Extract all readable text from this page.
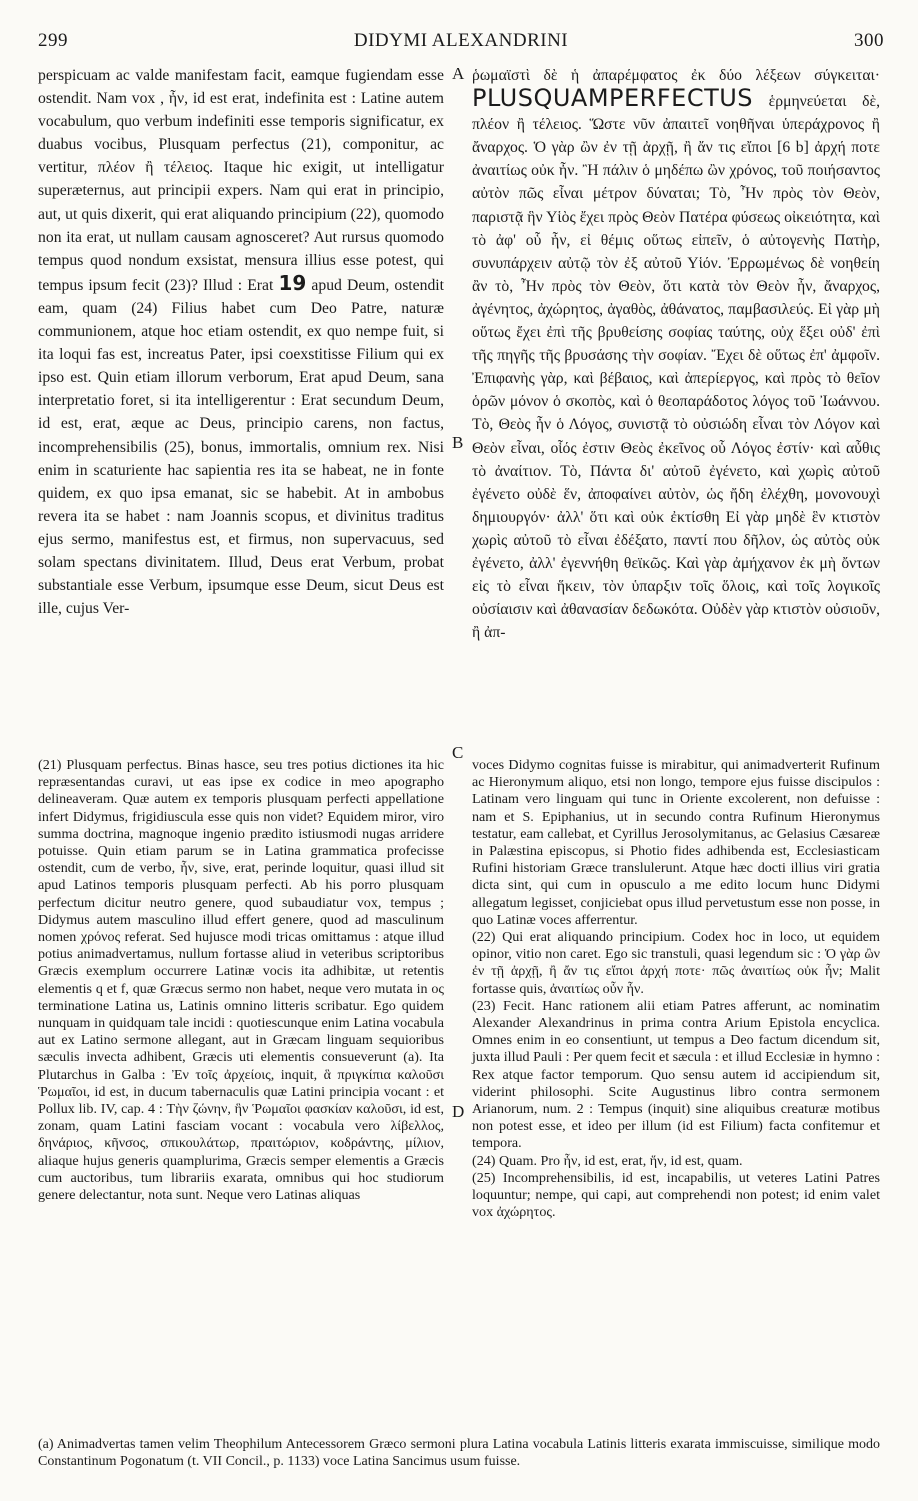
299	DIDYMI ALEXANDRINI	300
A
B
C
D

perspicuam ac valde manifestam facit, eamque fugiendam esse ostendit. Nam vox , ἦν, id est erat, indefinita est : Latine autem vocabulum, quo verbum indefiniti esse temporis significatur, ex duabus vocibus, Plusquam perfectus (21), componitur, ac vertitur, πλέον ἢ τέλειος. Itaque hic exigit, ut intelligatur superæternus, aut principii expers. Nam qui erat in principio, aut, ut quis dixerit, qui erat aliquando principium (22), quomodo non ita erat, ut nullam causam agnosceret? Aut rursus quomodo tempus quod nondum exsistat, mensura illius esse potest, qui tempus ipsum fecit (23)? Illud : Erat 19 apud Deum, ostendit eam, quam (24) Filius habet cum Deo Patre, naturæ communionem, atque hoc etiam ostendit, ex quo nempe fuit, si ita loqui fas est, increatus Pater, ipsi coexstitisse Filium qui ex ipso est. Quin etiam illorum verborum, Erat apud Deum, sana interpretatio foret, si ita intelligerentur : Erat secundum Deum, id est, erat, æque ac Deus, principio carens, non factus, incomprehensibilis (25), bonus, immortalis, omnium rex. Nisi enim in scaturiente hac sapientia res ita se habeat, ne in fonte quidem, ex quo ipsa emanat, sic se habebit. At in ambobus revera ita se habet : nam Joannis scopus, et divinitus traditus ejus sermo, manifestus est, et firmus, non supervacuus, sed solam spectans divinitatem. Illud, Deus erat Verbum, probat substantiale esse Verbum, ipsumque esse Deum, sicut Deus est ille, cujus Ver-

ῥωμαϊστὶ δὲ ἡ ἀπαρέμφατος ἐκ δύο λέξεων σύγκειται· PLUSQUAMPERFECTUS ἑρμηνεύεται δὲ, πλέον ἢ τέλειος. Ὥστε νῦν ἀπαιτεῖ νοηθῆναι ὑπεράχρονος ἢ ἄναρχος. Ὁ γὰρ ὢν ἐν τῇ ἀρχῇ, ἢ ἄν τις εἴποι [6 b] ἀρχή ποτε ἀναιτίως οὐκ ἦν. Ἢ πάλιν ὁ μηδέπω ὢν χρόνος, τοῦ ποιήσαντος αὐτὸν πῶς εἶναι μέτρον δύναται; Τὸ, Ἦν πρὸς τὸν Θεὸν, παριστᾷ ἣν Υἱὸς ἔχει πρὸς Θεὸν Πατέρα φύσεως οἰκειότητα, καὶ τὸ ἀφ' οὗ ἦν, εἰ θέμις οὕτως εἰπεῖν, ὁ αὐτογενὴς Πατὴρ, συνυπάρχειν αὐτῷ τὸν ἐξ αὐτοῦ Υἱόν. Ἐρρωμένως δὲ νοηθείη ἂν τὸ, Ἦν πρὸς τὸν Θεὸν, ὅτι κατὰ τὸν Θεὸν ἦν, ἄναρχος, ἀγένητος, ἀχώρητος, ἀγαθὸς, ἀθάνατος, παμβασιλεύς. Εἰ γὰρ μὴ οὕτως ἔχει ἐπὶ τῆς βρυθείσης σοφίας ταύτης, οὐχ ἕξει οὐδ' ἐπὶ τῆς πηγῆς τῆς βρυσάσης τὴν σοφίαν. Ἔχει δὲ οὕτως ἐπ' ἀμφοῖν. Ἐπιφανὴς γὰρ, καὶ βέβαιος, καὶ ἀπερίεργος, καὶ πρὸς τὸ θεῖον ὁρῶν μόνον ὁ σκοπὸς, καὶ ὁ θεοπαράδοτος λόγος τοῦ Ἰωάννου. Τὸ, Θεὸς ἦν ὁ Λόγος, συνιστᾷ τὸ οὐσιώδη εἶναι τὸν Λόγον καὶ Θεὸν εἶναι, οἷός ἐστιν Θεὸς ἐκεῖνος οὗ Λόγος ἐστίν· καὶ αὖθις τὸ ἀναίτιον. Τὸ, Πάντα δι' αὐτοῦ ἐγένετο, καὶ χωρὶς αὐτοῦ ἐγένετο οὐδὲ ἕν, ἀποφαίνει αὐτὸν, ὡς ἤδη ἐλέχθη, μονονουχὶ δημιουργόν· ἀλλ' ὅτι καὶ οὐκ ἐκτίσθη Εἰ γὰρ μηδὲ ἓν κτιστὸν χωρὶς αὐτοῦ τὸ εἶναι ἐδέξατο, παντί που δῆλον, ὡς αὐτὸς οὐκ ἐγένετο, ἀλλ' ἐγεννήθη θεϊκῶς. Καὶ γὰρ ἀμήχανον ἐκ μὴ ὄντων εἰς τὸ εἶναι ἥκειν, τὸν ὑπαρξιν τοῖς ὅλοις, καὶ τοῖς λογικοῖς οὐσίαισιν καὶ ἀθανασίαν δεδωκότα. Οὐδὲν γὰρ κτιστὸν οὐσιοῦν, ἢ ἀπ-

(21) Plusquam perfectus. Binas hasce, seu tres potius dictiones ita hic repræsentandas curavi, ut eas ipse ex codice in meo apographo delineaveram. Quæ autem ex temporis plusquam perfecti appellatione infert Didymus, frigidiuscula esse quis non videt? Equidem miror, viro summa doctrina, magnoque ingenio prædito istiusmodi nugas arridere potuisse. Quin etiam parum se in Latina grammatica profecisse ostendit, cum de verbo, ἦν, sive, erat, perinde loquitur, quasi illud sit apud Latinos temporis plusquam perfecti. Ab his porro plusquam perfectum dicitur neutro genere, quod subaudiatur vox, tempus ; Didymus autem masculino illud effert genere, quod ad masculinum nomen χρόνος referat. Sed hujusce modi tricas omittamus : atque illud potius animadvertamus, nullum fortasse aliud in veteribus scriptoribus Græcis exemplum occurrere Latinæ vocis ita adhibitæ, ut retentis elementis q et f, quæ Græcus sermo non habet, neque vero mutata in ος terminatione Latina us, Latinis omnino litteris scribatur. Ego quidem nunquam in quidquam tale incidi : quotiescunque enim Latina vocabula aut ex Latino sermone allegant, aut in Græcam linguam sequioribus sæculis invecta adhibent, Græcis uti elementis consueverunt (a). Ita Plutarchus in Galba : Ἐν τοῖς ἀρχείοις, inquit, ἃ πριγκίπια καλοῦσι Ῥωμαῖοι, id est, in ducum tabernaculis quæ Latini principia vocant : et Pollux lib. IV, cap. 4 : Τὴν ζώνην, ἣν Ῥωμαῖοι φασκίαν καλοῦσι, id est, zonam, quam Latini fasciam vocant : vocabula vero λίβελλος, δηνάριος, κῆνσος, σπικουλάτωρ, πραιτώριον, κοδράντης, μίλιον, aliaque hujus generis quamplurima, Græcis semper elementis a Græcis cum auctoribus, tum librariis exarata, omnibus qui hoc studiorum genere delectantur, nota sunt. Neque vero Latinas aliquas

voces Didymo cognitas fuisse is mirabitur, qui animadverterit Rufinum ac Hieronymum aliquo, etsi non longo, tempore ejus fuisse discipulos : Latinam vero linguam qui tunc in Oriente excolerent, non defuisse : nam et S. Epiphanius, ut in secundo contra Rufinum Hieronymus testatur, eam callebat, et Cyrillus Jerosolymitanus, ac Gelasius Cæsareæ in Palæstina episcopus, si Photio fides adhibenda est, Ecclesiasticam Rufini historiam Græce translulerunt. Atque hæc docti illius viri gratia dicta sint, qui cum in opusculo a me edito locum hunc Didymi allegatum legisset, conjiciebat opus illud pervetustum esse non posse, in quo Latinæ voces afferrentur.

(22) Qui erat aliquando principium. Codex hoc in loco, ut equidem opinor, vitio non caret. Ego sic transtuli, quasi legendum sic : Ὁ γὰρ ὢν ἐν τῇ ἀρχῇ, ἢ ἄν τις εἴποι ἀρχή ποτε· πῶς ἀναιτίως οὐκ ἦν; Malit fortasse quis, ἀναιτίως οὖν ἦν.

(23) Fecit. Hanc rationem alii etiam Patres afferunt, ac nominatim Alexander Alexandrinus in prima contra Arium Epistola encyclica. Omnes enim in eo consentiunt, ut tempus a Deo factum dicendum sit, juxta illud Pauli : Per quem fecit et sæcula : et illud Ecclesiæ in hymno : Rex atque factor temporum. Quo sensu autem id accipiendum sit, viderint philosophi. Scite Augustinus libro contra sermonem Arianorum, num. 2 : Tempus (inquit) sine aliquibus creaturæ motibus non potest esse, et ideo per illum (id est Filium) facta confitemur et tempora.

(24) Quam. Pro ἦν, id est, erat, ἥν, id est, quam.

(25) Incomprehensibilis, id est, incapabilis, ut veteres Latini Patres loquuntur; nempe, qui capi, aut comprehendi non potest; id enim valet vox ἀχώρητος.

(a) Animadvertas tamen velim Theophilum Antecessorem Græco sermoni plura Latina vocabula Latinis litteris exarata immiscuisse, similique modo Constantinum Pogonatum (t. VII Concil., p. 1133) voce Latina Sancimus usum fuisse.
